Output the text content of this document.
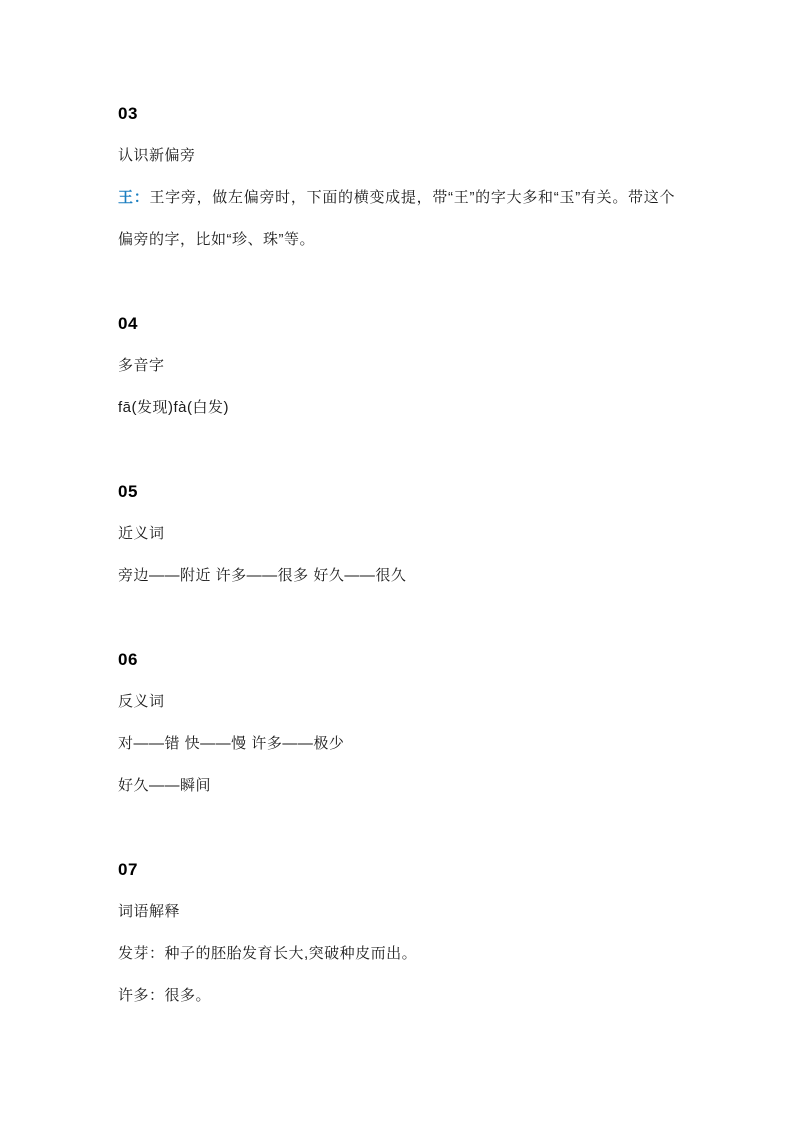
03

认识新偏旁

王：王字旁，做左偏旁时，下面的横变成提，带“王”的字大多和“玉”有关。带这个偏旁的字，比如“珍、珠”等。

04

多音字

fā(发现)fà(白发)

05

近义词

旁边——附近 许多——很多 好久——很久

06

反义词

对——错 快——慢 许多——极少

好久——瞬间

07

词语解释

发芽：种子的胚胎发育长大,突破种皮而出。

许多：很多。
